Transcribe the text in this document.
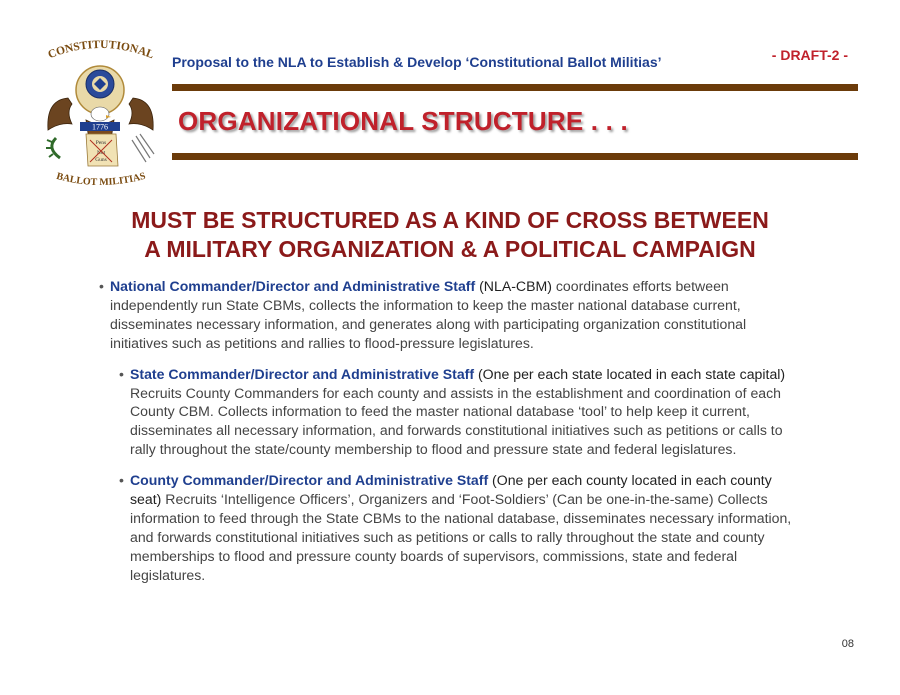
CONSTITUTIONAL
1776
Pens
Not
Guns
BALLOT MILITIAS
Proposal to the NLA to Establish & Develop ‘Constitutional Ballot Militias’	- DRAFT-2 -
ORGANIZATIONAL STRUCTURE . . .
MUST BE STRUCTURED AS A KIND OF CROSS BETWEEN
A MILITARY ORGANIZATION & A POLITICAL CAMPAIGN
• National Commander/Director and Administrative Staff (NLA-CBM) coordinates efforts between independently run State CBMs, collects the information to keep the master national database current, disseminates necessary information, and generates along with participating organization constitutional initiatives such as petitions and rallies to flood-pressure legislatures.
• State Commander/Director and Administrative Staff (One per each state located in each state capital) Recruits County Commanders for each county and assists in the establishment and coordination of each County CBM. Collects information to feed the master national database ‘tool’ to help keep it current, disseminates all necessary information, and forwards constitutional initiatives such as petitions or calls to rally throughout the state/county membership to flood and pressure state and federal legislatures.
• County Commander/Director and Administrative Staff (One per each county located in each county seat) Recruits ‘Intelligence Officers’, Organizers and ‘Foot-Soldiers’ (Can be one-in-the-same) Collects information to feed through the State CBMs to the national database, disseminates necessary information, and forwards constitutional initiatives such as petitions or calls to rally throughout the state and county memberships to flood and pressure county boards of supervisors, commissions, state and federal legislatures.
08
